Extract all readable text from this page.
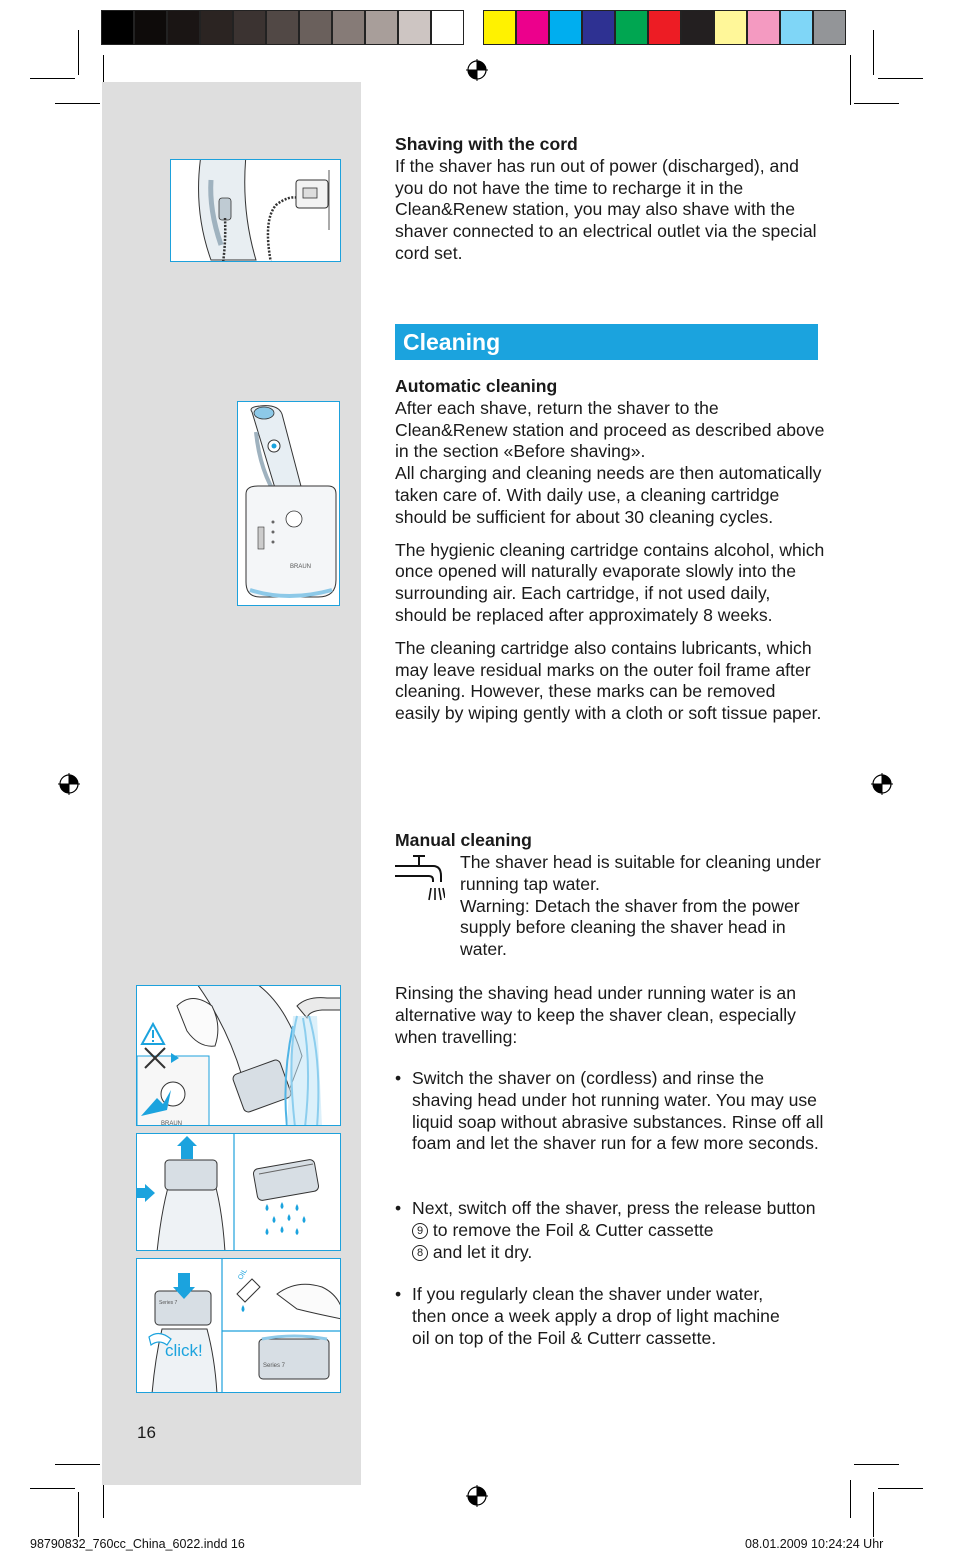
BRAUN
BRAUN
Series 7
OIL
Series 7
click!

Shaving with the cord

If the shaver has run out of power (discharged), and you do not have the time to recharge it in the Clean&Renew station, you may also shave with the shaver connected to an electrical outlet via the special cord set.

Cleaning

Automatic cleaning

After each shave, return the shaver to the Clean&Renew station and proceed as described above in the section «Before shaving».

All charging and cleaning needs are then automatically taken care of. With daily use, a cleaning cartridge should be sufficient for about 30 cleaning cycles.

The hygienic cleaning cartridge contains alcohol, which once opened will naturally evaporate slowly into the surrounding air. Each cartridge, if not used daily, should be replaced after approximately 8 weeks.

The cleaning cartridge also contains lubricants, which may leave residual marks on the outer foil frame after cleaning. However, these marks can be removed easily by wiping gently with a cloth or soft tissue paper.

Manual cleaning

The shaver head is suitable for cleaning under running tap water.

Warning: Detach the shaver from the power supply before cleaning the shaver head in water.

Rinsing the shaving head under running water is an alternative way to keep the shaver clean, especially when travelling:

• Switch the shaver on (cordless) and rinse the shaving head under hot running water. You may use liquid soap without abrasive substances. Rinse off all foam and let the shaver run for a few more seconds.
• Next, switch off the shaver, press the release button 9 to remove the Foil & Cutter cassette
8 and let it dry.
• If you regularly clean the shaver under water, then once a week apply a drop of light machine oil on top of the Foil & Cutterr cassette.
16
98790832_760cc_China_6022.indd 16	08.01.2009 10:24:24 Uhr
